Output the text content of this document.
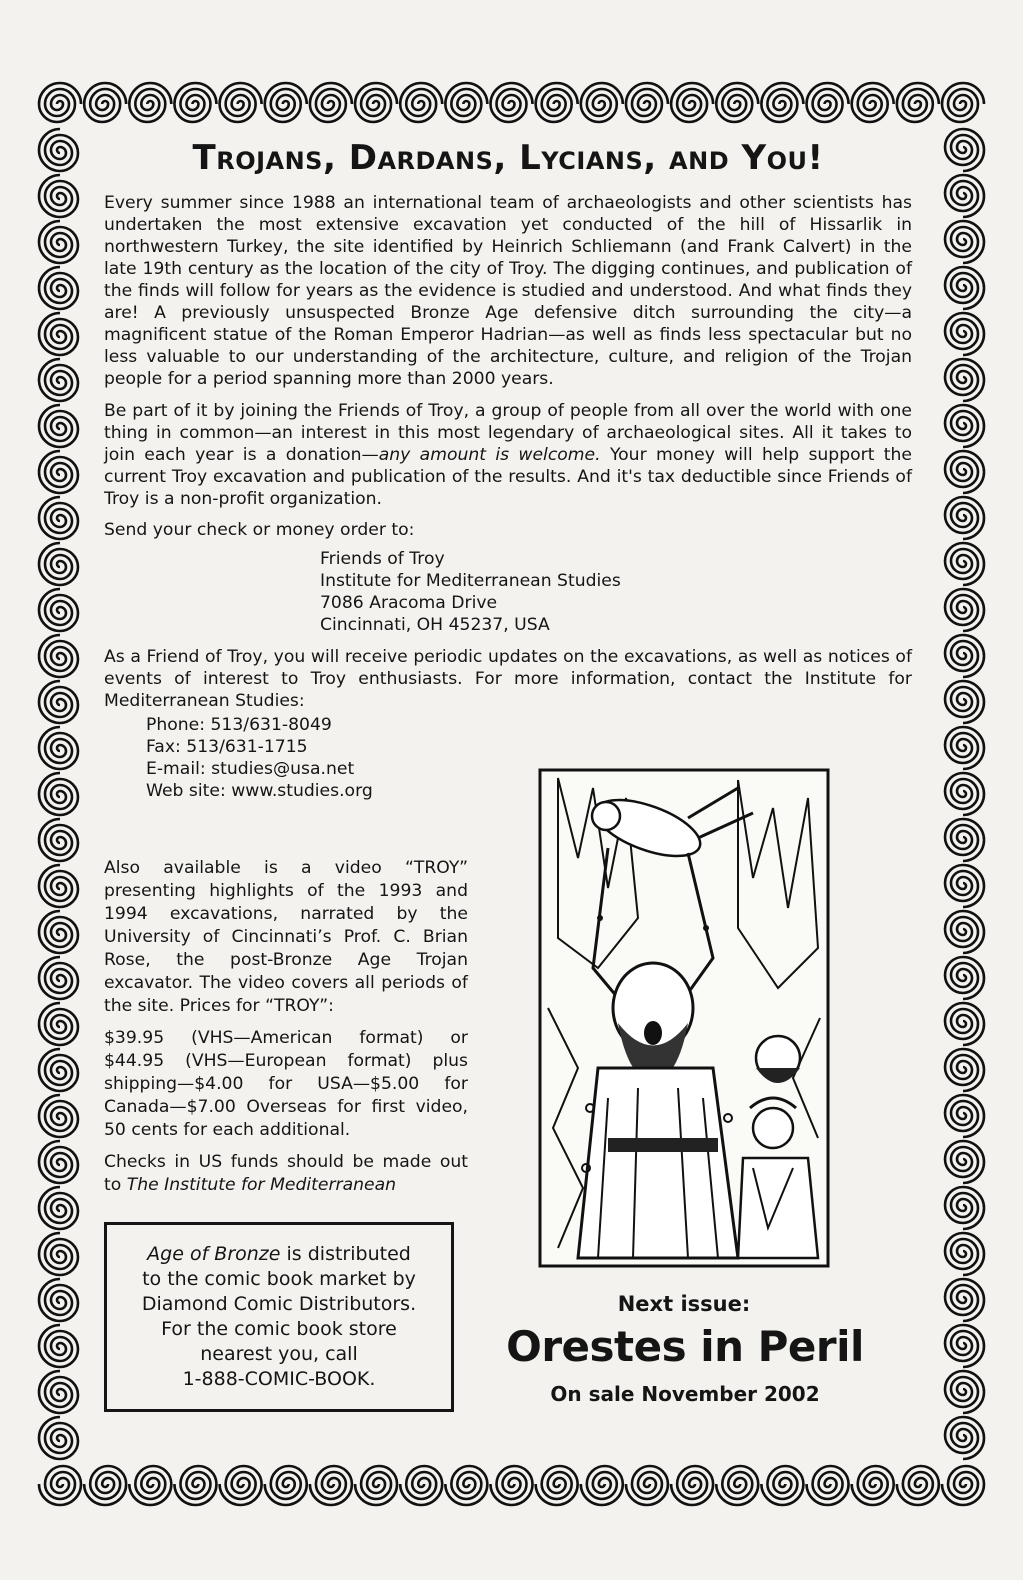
Trojans, Dardans, Lycians, and You!

Every summer since 1988 an international team of archaeologists and other scientists has undertaken the most extensive excavation yet conducted of the hill of Hissarlik in northwestern Turkey, the site identified by Heinrich Schliemann (and Frank Calvert) in the late 19th century as the location of the city of Troy. The digging continues, and publication of the finds will follow for years as the evidence is studied and understood. And what finds they are! A previously unsuspected Bronze Age defensive ditch surrounding the city—a magnificent statue of the Roman Emperor Hadrian—as well as finds less spectacular but no less valuable to our understanding of the architecture, culture, and religion of the Trojan people for a period spanning more than 2000 years.

Be part of it by joining the Friends of Troy, a group of people from all over the world with one thing in common—an interest in this most legendary of archaeological sites. All it takes to join each year is a donation—any amount is welcome. Your money will help support the current Troy excavation and publication of the results. And it's tax deductible since Friends of Troy is a non-profit organization.

Send your check or money order to:

Friends of Troy
Institute for Mediterranean Studies
7086 Aracoma Drive
Cincinnati, OH 45237, USA

As a Friend of Troy, you will receive periodic updates on the excavations, as well as notices of events of interest to Troy enthusiasts. For more information, contact the Institute for Mediterranean Studies:

Phone: 513/631-8049
Fax: 513/631-1715
E-mail: studies@usa.net
Web site: www.studies.org

Also available is a video “TROY” presenting highlights of the 1993 and 1994 excavations, narrated by the University of Cincinnati’s Prof. C. Brian Rose, the post-Bronze Age Trojan excavator. The video covers all periods of the site. Prices for “TROY”:

$39.95 (VHS—American format) or $44.95 (VHS—European format) plus shipping—$4.00 for USA—$5.00 for Canada—$7.00 Overseas for first video, 50 cents for each additional.

Checks in US funds should be made out to The Institute for Mediterranean

Age of Bronze is distributed
to the comic book market by
Diamond Comic Distributors.
For the comic book store
nearest you, call
1-888-COMIC-BOOK.
Next issue:
Orestes in Peril
On sale November 2002
